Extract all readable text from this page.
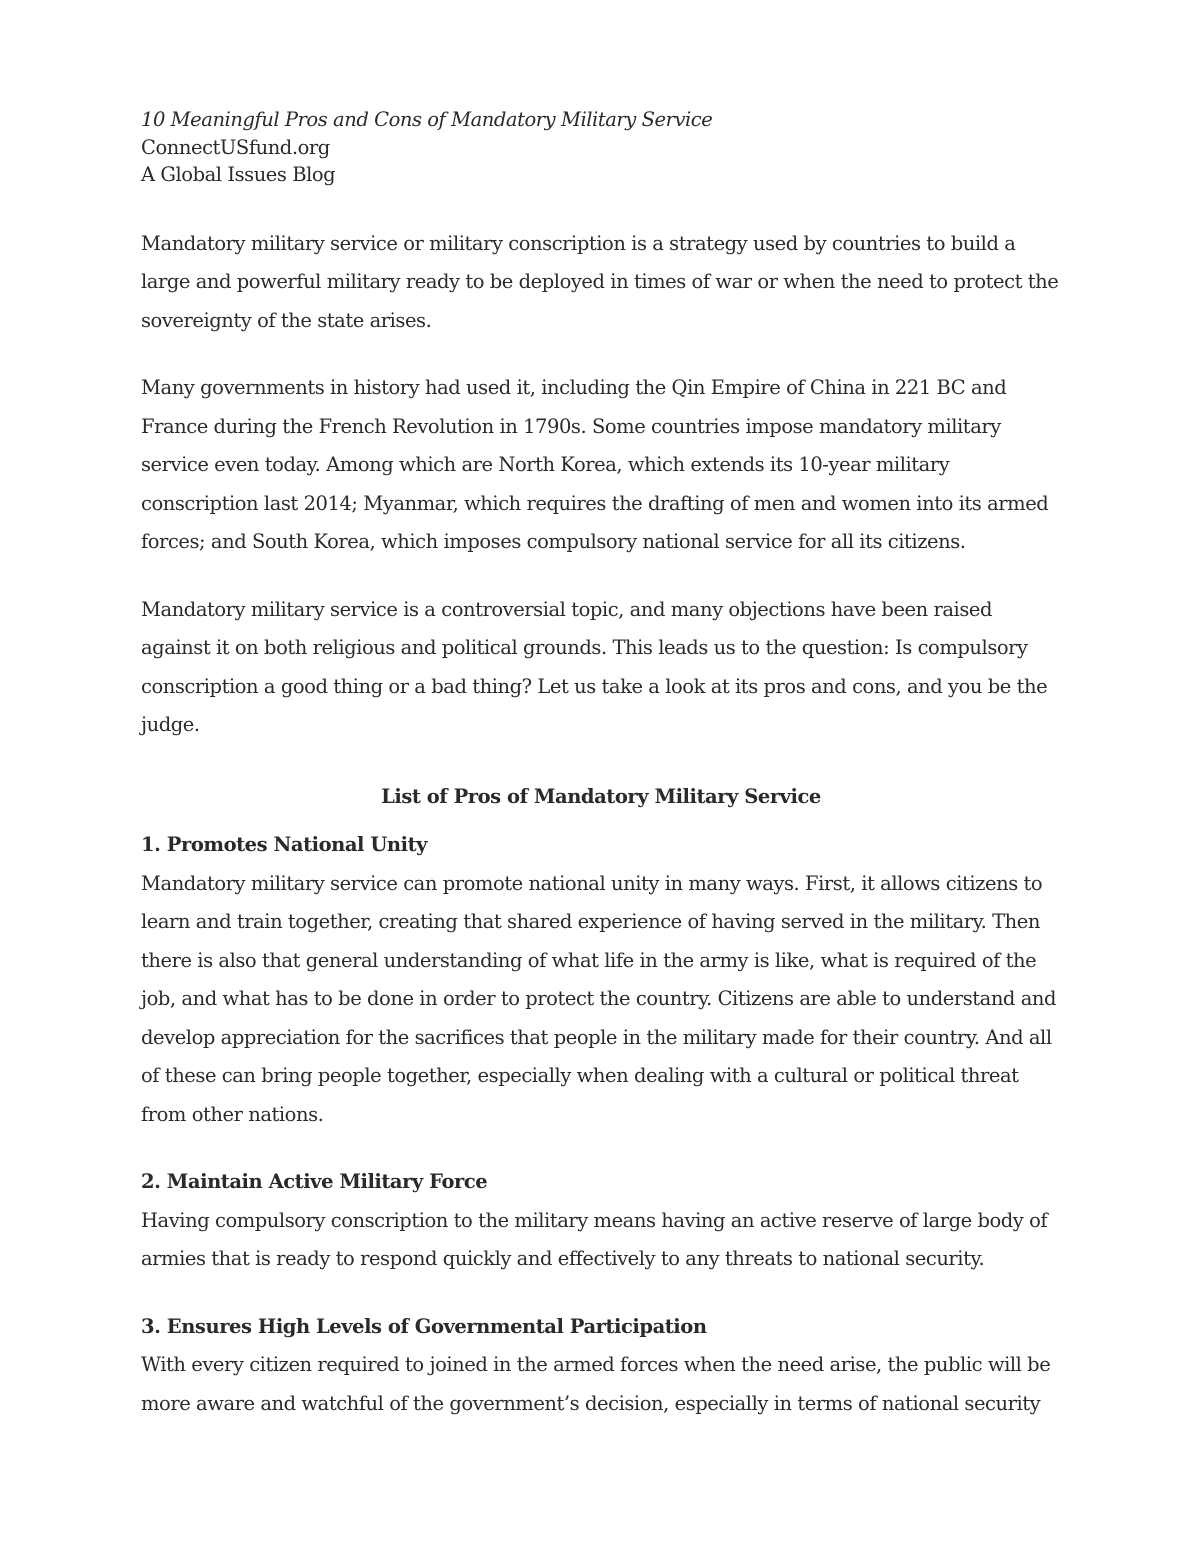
10 Meaningful Pros and Cons of Mandatory Military Service
ConnectUSfund.org
A Global Issues Blog

Mandatory military service or military conscription is a strategy used by countries to build a large and powerful military ready to be deployed in times of war or when the need to protect the sovereignty of the state arises.

Many governments in history had used it, including the Qin Empire of China in 221 BC and France during the French Revolution in 1790s. Some countries impose mandatory military service even today. Among which are North Korea, which extends its 10-year military conscription last 2014; Myanmar, which requires the drafting of men and women into its armed forces; and South Korea, which imposes compulsory national service for all its citizens.

Mandatory military service is a controversial topic, and many objections have been raised against it on both religious and political grounds. This leads us to the question: Is compulsory conscription a good thing or a bad thing? Let us take a look at its pros and cons, and you be the judge.

List of Pros of Mandatory Military Service
1. Promotes National Unity

Mandatory military service can promote national unity in many ways. First, it allows citizens to learn and train together, creating that shared experience of having served in the military. Then there is also that general understanding of what life in the army is like, what is required of the job, and what has to be done in order to protect the country. Citizens are able to understand and develop appreciation for the sacrifices that people in the military made for their country. And all of these can bring people together, especially when dealing with a cultural or political threat from other nations.

2. Maintain Active Military Force

Having compulsory conscription to the military means having an active reserve of large body of armies that is ready to respond quickly and effectively to any threats to national security.

3. Ensures High Levels of Governmental Participation

With every citizen required to joined in the armed forces when the need arise, the public will be more aware and watchful of the government’s decision, especially in terms of national security
